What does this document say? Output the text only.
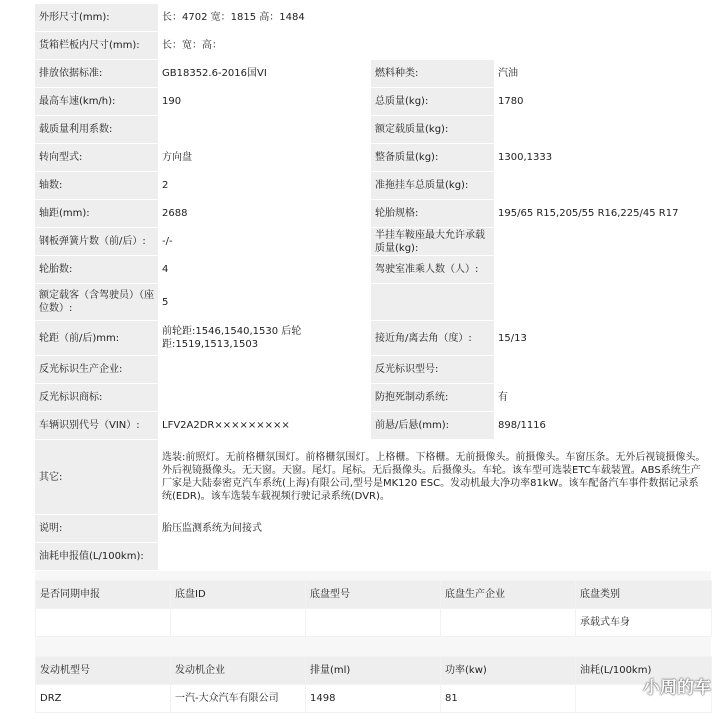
外形尺寸(mm):	长：4702 宽：1815 高：1484		
货箱栏板内尺寸(mm):	长：宽：高：		
排放依据标准:	GB18352.6-2016国VI	燃料种类:	汽油
最高车速(km/h):	190	总质量(kg):	1780
载质量利用系数:		额定载质量(kg):	
转向型式:	方向盘	整备质量(kg):	1300,1333
轴数:	2	准拖挂车总质量(kg):	
轴距(mm):	2688	轮胎规格:	195/65 R15,205/55 R16,225/45 R17
钢板弹簧片数（前/后）:	-/-	半挂车鞍座最大允许承载质量(kg):	
轮胎数:	4	驾驶室准乘人数（人）:	
额定载客（含驾驶员）（座位数）:	5		
轮距（前/后)mm:	前轮距:1546,1540,1530 后轮距:1519,1513,1503	接近角/离去角（度）:	15/13
反光标识生产企业:		反光标识型号:	
反光标识商标:		防抱死制动系统:	有
车辆识别代号（VIN）:	LFV2A2DR×××××××××	前悬/后悬(mm):	898/1116
其它:	选装:前照灯。无前格栅氛围灯。前格栅氛围灯。上格栅。下格栅。无前摄像头。前摄像头。车窗压条。无外后视镜摄像头。外后视镜摄像头。无天窗。天窗。尾灯。尾标。无后摄像头。后摄像头。车轮。该车型可选装ETC车载装置。ABS系统生产厂家是大陆泰密克汽车系统(上海)有限公司,型号是MK120 ESC。发动机最大净功率81kW。该车配备汽车事件数据记录系统(EDR)。该车选装车载视频行驶记录系统(DVR)。		
说明:	胎压监测系统为间接式		
油耗申报值(L/100km):			
是否同期申报	底盘ID	底盘型号	底盘生产企业	底盘类别
				承载式车身
发动机型号	发动机企业	排量(ml)	功率(kw)	油耗(L/100km)
DRZ	一汽-大众汽车有限公司	1498	81	
小周的车
